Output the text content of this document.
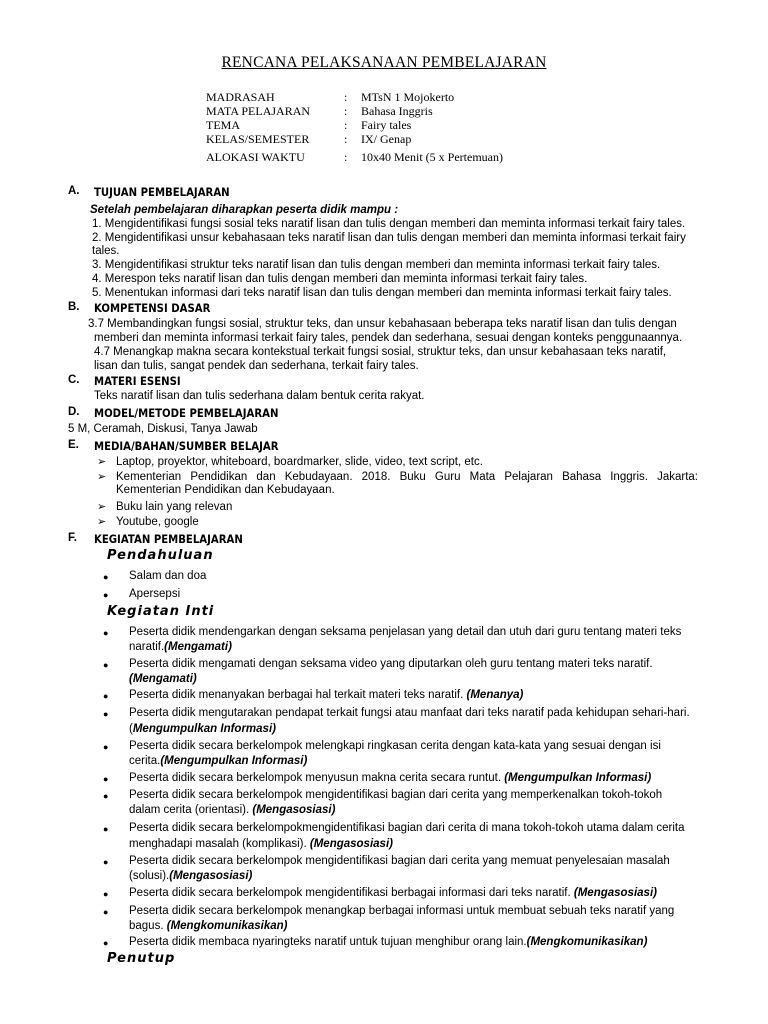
RENCANA PELAKSANAAN PEMBELAJARAN
MADRASAH	: MTsN 1 Mojokerto
MATA PELAJARAN	: Bahasa Inggris
TEMA	: Fairy tales
KELAS/SEMESTER	: IX/ Genap
ALOKASI WAKTU	: 10x40 Menit (5 x Pertemuan)
A. TUJUAN PEMBELAJARAN
Setelah pembelajaran diharapkan peserta didik mampu :
1. Mengidentifikasi fungsi sosial teks naratif lisan dan tulis dengan memberi dan meminta informasi terkait fairy tales.
2. Mengidentifikasi unsur kebahasaan teks naratif lisan dan tulis dengan memberi dan meminta informasi terkait fairy
tales.
3. Mengidentifikasi struktur teks naratif lisan dan tulis dengan memberi dan meminta informasi terkait fairy tales.
4. Merespon teks naratif lisan dan tulis dengan memberi dan meminta informasi terkait fairy tales.
5. Menentukan informasi dari teks naratif lisan dan tulis dengan memberi dan meminta informasi terkait fairy tales.
B. KOMPETENSI DASAR
3.7 Membandingkan fungsi sosial, struktur teks, dan unsur kebahasaan beberapa teks naratif lisan dan tulis dengan
memberi dan meminta informasi terkait fairy tales, pendek dan sederhana, sesuai dengan konteks penggunaannya.
4.7 Menangkap makna secara kontekstual terkait fungsi sosial, struktur teks, dan unsur kebahasaan teks naratif,
lisan dan tulis, sangat pendek dan sederhana, terkait fairy tales.
C. MATERI ESENSI
Teks naratif lisan dan tulis sederhana dalam bentuk cerita rakyat.
D. MODEL/METODE PEMBELAJARAN
5 M, Ceramah, Diskusi, Tanya Jawab
E. MEDIA/BAHAN/SUMBER BELAJAR
➢ Laptop, proyektor, whiteboard, boardmarker, slide, video, text script, etc.
➢ Kementerian Pendidikan dan Kebudayaan. 2018. Buku Guru Mata Pelajaran Bahasa Inggris. Jakarta:
Kementerian Pendidikan dan Kebudayaan.
➢ Buku lain yang relevan
➢ Youtube, google
F. KEGIATAN PEMBELAJARAN
Pendahuluan
● Salam dan doa
● Apersepsi
Kegiatan Inti
● Peserta didik mendengarkan dengan seksama penjelasan yang detail dan utuh dari guru tentang materi teks
naratif.(Mengamati)
● Peserta didik mengamati dengan seksama video yang diputarkan oleh guru tentang materi teks naratif.
(Mengamati)
● Peserta didik menanyakan berbagai hal terkait materi teks naratif. (Menanya)
● Peserta didik mengutarakan pendapat terkait fungsi atau manfaat dari teks naratif pada kehidupan sehari-hari.
(Mengumpulkan Informasi)
● Peserta didik secara berkelompok melengkapi ringkasan cerita dengan kata-kata yang sesuai dengan isi
cerita.(Mengumpulkan Informasi)
● Peserta didik secara berkelompok menyusun makna cerita secara runtut. (Mengumpulkan Informasi)
● Peserta didik secara berkelompok mengidentifikasi bagian dari cerita yang memperkenalkan tokoh-tokoh
dalam cerita (orientasi). (Mengasosiasi)
● Peserta didik secara berkelompokmengidentifikasi bagian dari cerita di mana tokoh-tokoh utama dalam cerita
menghadapi masalah (komplikasi). (Mengasosiasi)
● Peserta didik secara berkelompok mengidentifikasi bagian dari cerita yang memuat penyelesaian masalah
(solusi).(Mengasosiasi)
● Peserta didik secara berkelompok mengidentifikasi berbagai informasi dari teks naratif. (Mengasosiasi)
● Peserta didik secara berkelompok menangkap berbagai informasi untuk membuat sebuah teks naratif yang
bagus. (Mengkomunikasikan)
● Peserta didik membaca nyaringteks naratif untuk tujuan menghibur orang lain.(Mengkomunikasikan)
Penutup
